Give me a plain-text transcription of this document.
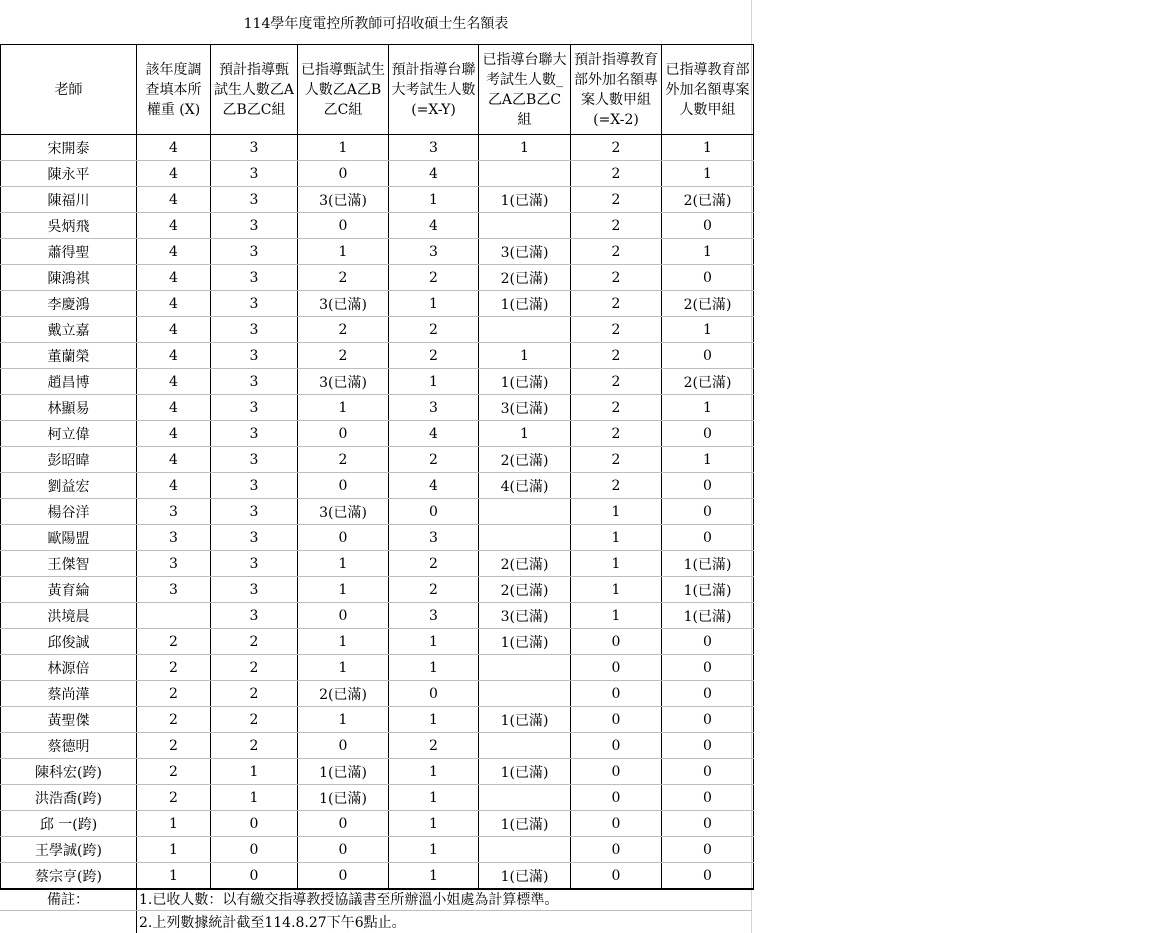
114學年度電控所教師可招收碩士生名額表
老師	該年度調查填本所權重 (X)	預計指導甄試生人數乙A乙B乙C組	已指導甄試生人數乙A乙B乙C組	預計指導台聯大考試生人數(=X-Y)	已指導台聯大考試生人數_乙A乙B乙C組	預計指導教育部外加名額專案人數甲組(=X-2)	已指導教育部外加名額專案人數甲組
宋開泰	4	3	1	3	1	2	1
陳永平	4	3	0	4		2	1
陳福川	4	3	3(已滿)	1	1(已滿)	2	2(已滿)
吳炳飛	4	3	0	4		2	0
蕭得聖	4	3	1	3	3(已滿)	2	1
陳鴻祺	4	3	2	2	2(已滿)	2	0
李慶鴻	4	3	3(已滿)	1	1(已滿)	2	2(已滿)
戴立嘉	4	3	2	2		2	1
董蘭榮	4	3	2	2	1	2	0
趙昌博	4	3	3(已滿)	1	1(已滿)	2	2(已滿)
林顯易	4	3	1	3	3(已滿)	2	1
柯立偉	4	3	0	4	1	2	0
彭昭暐	4	3	2	2	2(已滿)	2	1
劉益宏	4	3	0	4	4(已滿)	2	0
楊谷洋	3	3	3(已滿)	0		1	0
歐陽盟	3	3	0	3		1	0
王傑智	3	3	1	2	2(已滿)	1	1(已滿)
黃育綸	3	3	1	2	2(已滿)	1	1(已滿)
洪境晨		3	0	3	3(已滿)	1	1(已滿)
邱俊誠	2	2	1	1	1(已滿)	0	0
林源倍	2	2	1	1		0	0
蔡尚澕	2	2	2(已滿)	0		0	0
黃聖傑	2	2	1	1	1(已滿)	0	0
蔡德明	2	2	0	2		0	0
陳科宏(跨)	2	1	1(已滿)	1	1(已滿)	0	0
洪浩喬(跨)	2	1	1(已滿)	1		0	0
邱 一(跨)	1	0	0	1	1(已滿)	0	0
王學誠(跨)	1	0	0	1		0	0
蔡宗亨(跨)	1	0	0	1	1(已滿)	0	0
備註：	1.已收人數：以有繳交指導教授協議書至所辦溫小姐處為計算標準。
2.上列數據統計截至114.8.27下午6點止。
